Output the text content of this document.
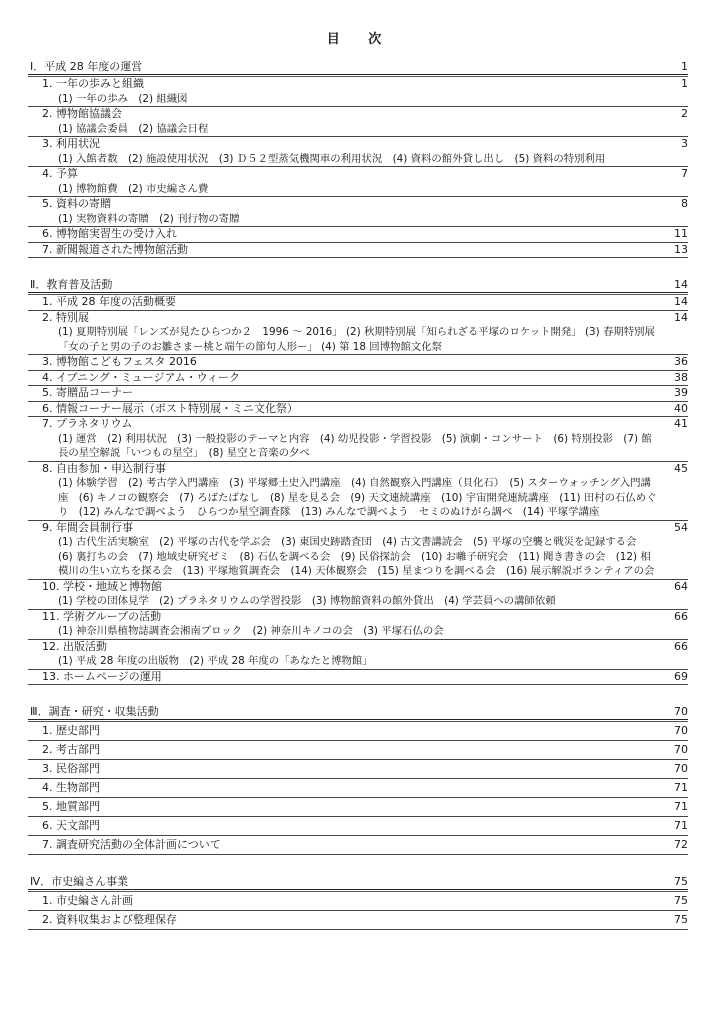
目 次
Ⅰ．平成 28 年度の運営	1
1. 一年の歩みと組織	1
(1) 一年の歩み　(2) 組織図
2. 博物館協議会	2
(1) 協議会委員　(2) 協議会日程
3. 利用状況	3
(1) 入館者数　(2) 施設使用状況　(3) Ｄ５２型蒸気機関車の利用状況　(4) 資料の館外貸し出し　(5) 資料の特別利用
4. 予算	7
(1) 博物館費　(2) 市史編さん費
5. 資料の寄贈	8
(1) 実物資料の寄贈　(2) 刊行物の寄贈
6. 博物館実習生の受け入れ	11
7. 新聞報道された博物館活動	13
Ⅱ．教育普及活動	14
1. 平成 28 年度の活動概要	14
2. 特別展	14
(1) 夏期特別展「レンズが見たひらつか２　1996 ～ 2016」 (2) 秋期特別展「知られざる平塚のロケット開発」 (3) 春期特別展「女の子と男の子のお雛さまー桃と端午の節句人形ー」 (4) 第 18 回博物館文化祭
3. 博物館こどもフェスタ 2016	36
4. イブニング・ミュージアム・ウィーク	38
5. 寄贈品コーナー	39
6. 情報コーナー展示（ポスト特別展・ミニ文化祭）	40
7. プラネタリウム	41
(1) 運営　(2) 利用状況　(3) 一般投影のテーマと内容　(4) 幼児投影・学習投影　(5) 演劇・コンサート　(6) 特別投影　(7) 館長の星空解説「いつもの星空」　(8) 星空と音楽の夕べ
8. 自由参加・申込制行事	45
(1) 体験学習　(2) 考古学入門講座　(3) 平塚郷土史入門講座　(4) 自然観察入門講座（貝化石）　(5) スターウォッチング入門講座　(6) キノコの観察会　(7) ろばたばなし　(8) 星を見る会　(9) 天文連続講座　(10) 宇宙開発連続講座　(11) 田村の石仏めぐり　(12) みんなで調べよう　ひらつか星空調査隊　(13) みんなで調べよう　セミのぬけがら調べ　(14) 平塚学講座
9. 年間会員制行事	54
(1) 古代生活実験室　(2) 平塚の古代を学ぶ会　(3) 東国史跡踏査団　(4) 古文書講読会　(5) 平塚の空襲と戦災を記録する会　(6) 裏打ちの会　(7) 地域史研究ゼミ　(8) 石仏を調べる会　(9) 民俗探訪会　(10) お囃子研究会　(11) 聞き書きの会　(12) 相模川の生い立ちを探る会　(13) 平塚地質調査会　(14) 天体観察会　(15) 星まつりを調べる会　(16) 展示解説ボランティアの会
10. 学校・地域と博物館	64
(1) 学校の団体見学　(2) プラネタリウムの学習投影　(3) 博物館資料の館外貸出　(4) 学芸員への講師依頼
11. 学術グループの活動	66
(1) 神奈川県植物誌調査会湘南ブロック　(2) 神奈川キノコの会　(3) 平塚石仏の会
12. 出版活動	66
(1) 平成 28 年度の出版物　(2) 平成 28 年度の「あなたと博物館」
13. ホームページの運用	69
Ⅲ．調査・研究・収集活動	70
1. 歴史部門	70
2. 考古部門	70
3. 民俗部門	70
4. 生物部門	71
5. 地質部門	71
6. 天文部門	71
7. 調査研究活動の全体計画について	72
Ⅳ．市史編さん事業	75
1. 市史編さん計画	75
2. 資料収集および整理保存	75
